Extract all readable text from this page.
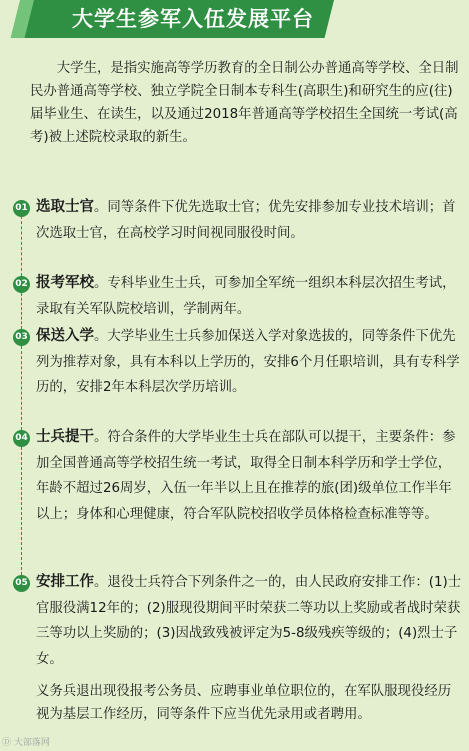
大学生参军入伍发展平台

大学生，是指实施高等学历教育的全日制公办普通高等学校、全日制民办普通高等学校、独立学院全日制本专科生(高职生)和研究生的应(往)届毕业生、在读生，以及通过2018年普通高等学校招生全国统一考试(高考)被上述院校录取的新生。

01 选取士官。同等条件下优先选取士官；优先安排参加专业技术培训；首次选取士官，在高校学习时间视同服役时间。
02 报考军校。专科毕业生士兵，可参加全军统一组织本科层次招生考试，录取有关军队院校培训，学制两年。
03 保送入学。大学毕业生士兵参加保送入学对象选拔的，同等条件下优先列为推荐对象，具有本科以上学历的，安排6个月任职培训，具有专科学历的，安排2年本科层次学历培训。
04 士兵提干。符合条件的大学毕业生士兵在部队可以提干，主要条件：参加全国普通高等学校招生统一考试，取得全日制本科学历和学士学位，年龄不超过26周岁，入伍一年半以上且在推荐的旅(团)级单位工作半年以上；身体和心理健康，符合军队院校招收学员体格检查标准等等。
05 安排工作。退役士兵符合下列条件之一的，由人民政府安排工作：(1)士官服役满12年的；(2)服现役期间平时荣获二等功以上奖励或者战时荣获三等功以上奖励的；(3)因战致残被评定为5-8级残疾等级的；(4)烈士子女。

义务兵退出现役报考公务员、应聘事业单位职位的，在军队服现役经历视为基层工作经历，同等条件下应当优先录用或者聘用。

Ⓓ 大部落网
